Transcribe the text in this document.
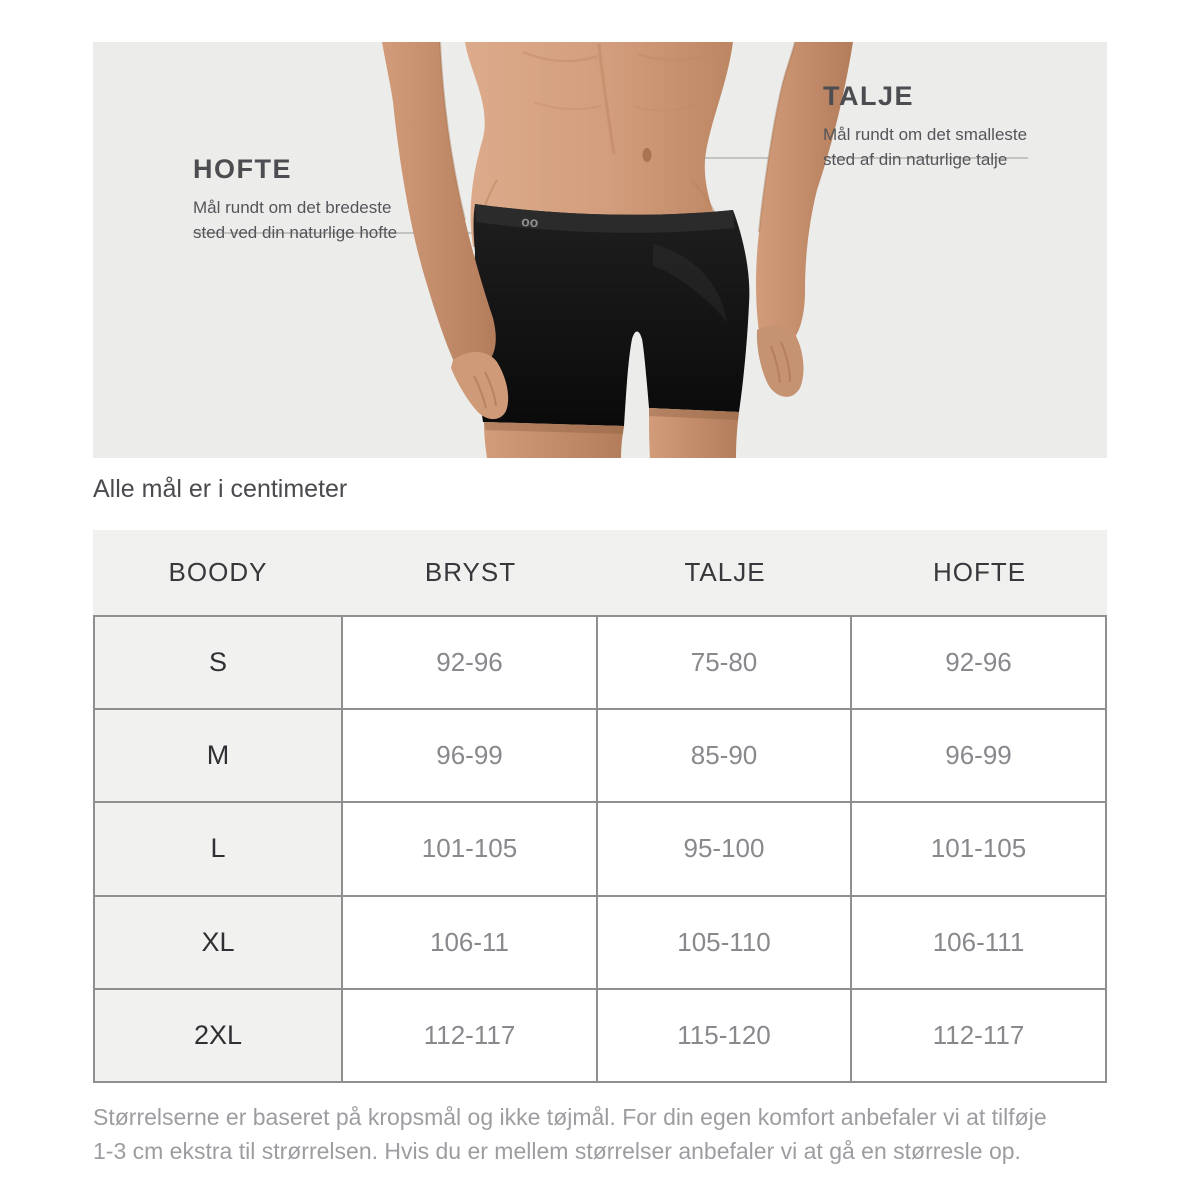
HOFTE
Mål rundt om det bredeste
sted ved din naturlige hofte
TALJE
Mål rundt om det smalleste
sted af din naturlige talje
oo
Alle mål er i centimeter
BOODY	BRYST	TALJE	HOFTE
S	92-96	75-80	92-96
M	96-99	85-90	96-99
L	101-105	95-100	101-105
XL	106-11	105-110	106-111
2XL	112-117	115-120	112-117
Størrelserne er baseret på kropsmål og ikke tøjmål. For din egen komfort anbefaler vi at tilføje
1-3 cm ekstra til strørrelsen. Hvis du er mellem størrelser anbefaler vi at gå en størresle op.
